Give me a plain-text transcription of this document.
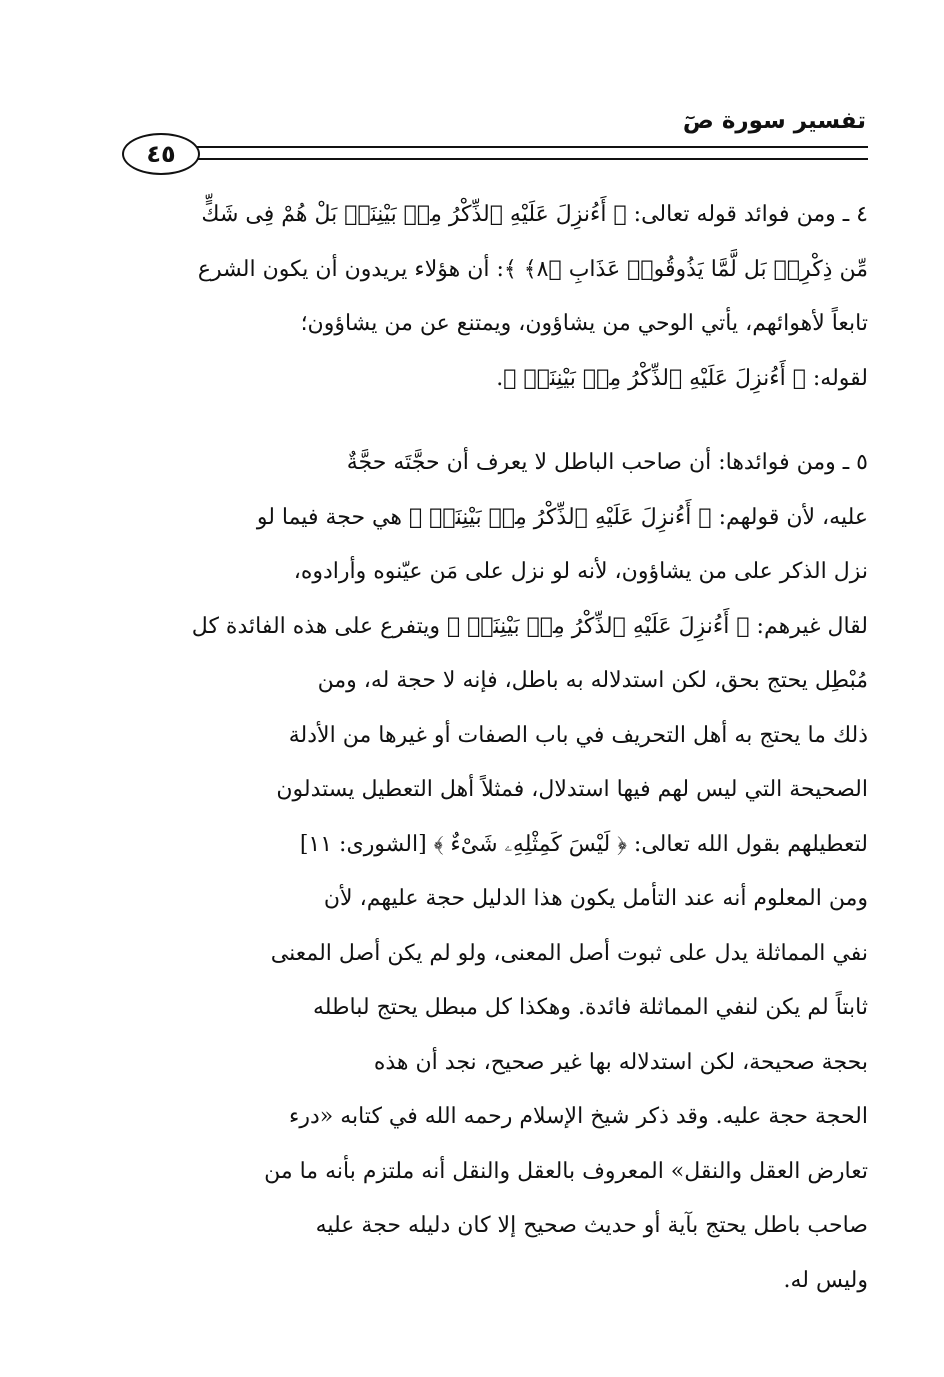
تفسير سورة صٓ
٤٥
٤ ـ ومن فوائد قوله تعالى: ﴿ أَءُنزِلَ عَلَيْهِ ٱلذِّكْرُ مِنۢ بَيْنِنَاۚ بَلْ هُمْ فِى شَكٍّ
مِّن ذِكْرِىۚ بَل لَّمَّا يَذُوقُوا۟ عَذَابِ ﴿٨﴾ ﴾: أن هؤلاء يريدون أن يكون الشرع
تابعاً لأهوائهم، يأتي الوحي من يشاؤون، ويمتنع عن من يشاؤون؛
لقوله: ﴿ أَءُنزِلَ عَلَيْهِ ٱلذِّكْرُ مِنۢ بَيْنِنَاۚ ﴾.
٥ ـ ومن فوائدها: أن صاحب الباطل لا يعرف أن حجَّتَه حجَّةٌ
عليه، لأن قولهم: ﴿ أَءُنزِلَ عَلَيْهِ ٱلذِّكْرُ مِنۢ بَيْنِنَاۚ ﴾ هي حجة فيما لو
نزل الذكر على من يشاؤون، لأنه لو نزل على مَن عيّنوه وأرادوه،
لقال غيرهم: ﴿ أَءُنزِلَ عَلَيْهِ ٱلذِّكْرُ مِنۢ بَيْنِنَاۚ ﴾ ويتفرع على هذه الفائدة كل
مُبْطِل يحتج بحق، لكن استدلاله به باطل، فإنه لا حجة له، ومن
ذلك ما يحتج به أهل التحريف في باب الصفات أو غيرها من الأدلة
الصحيحة التي ليس لهم فيها استدلال، فمثلاً أهل التعطيل يستدلون
لتعطيلهم بقول الله تعالى: ﴿ لَيْسَ كَمِثْلِهِۦ شَىْءٌ ﴾ [الشورى: ١١]
ومن المعلوم أنه عند التأمل يكون هذا الدليل حجة عليهم، لأن
نفي المماثلة يدل على ثبوت أصل المعنى، ولو لم يكن أصل المعنى
ثابتاً لم يكن لنفي المماثلة فائدة. وهكذا كل مبطل يحتج لباطله
بحجة صحيحة، لكن استدلاله بها غير صحيح، نجد أن هذه
الحجة حجة عليه. وقد ذكر شيخ الإسلام رحمه الله في كتابه «درء
تعارض العقل والنقل» المعروف بالعقل والنقل أنه ملتزم بأنه ما من
صاحب باطل يحتج بآية أو حديث صحيح إلا كان دليله حجة عليه
وليس له.
